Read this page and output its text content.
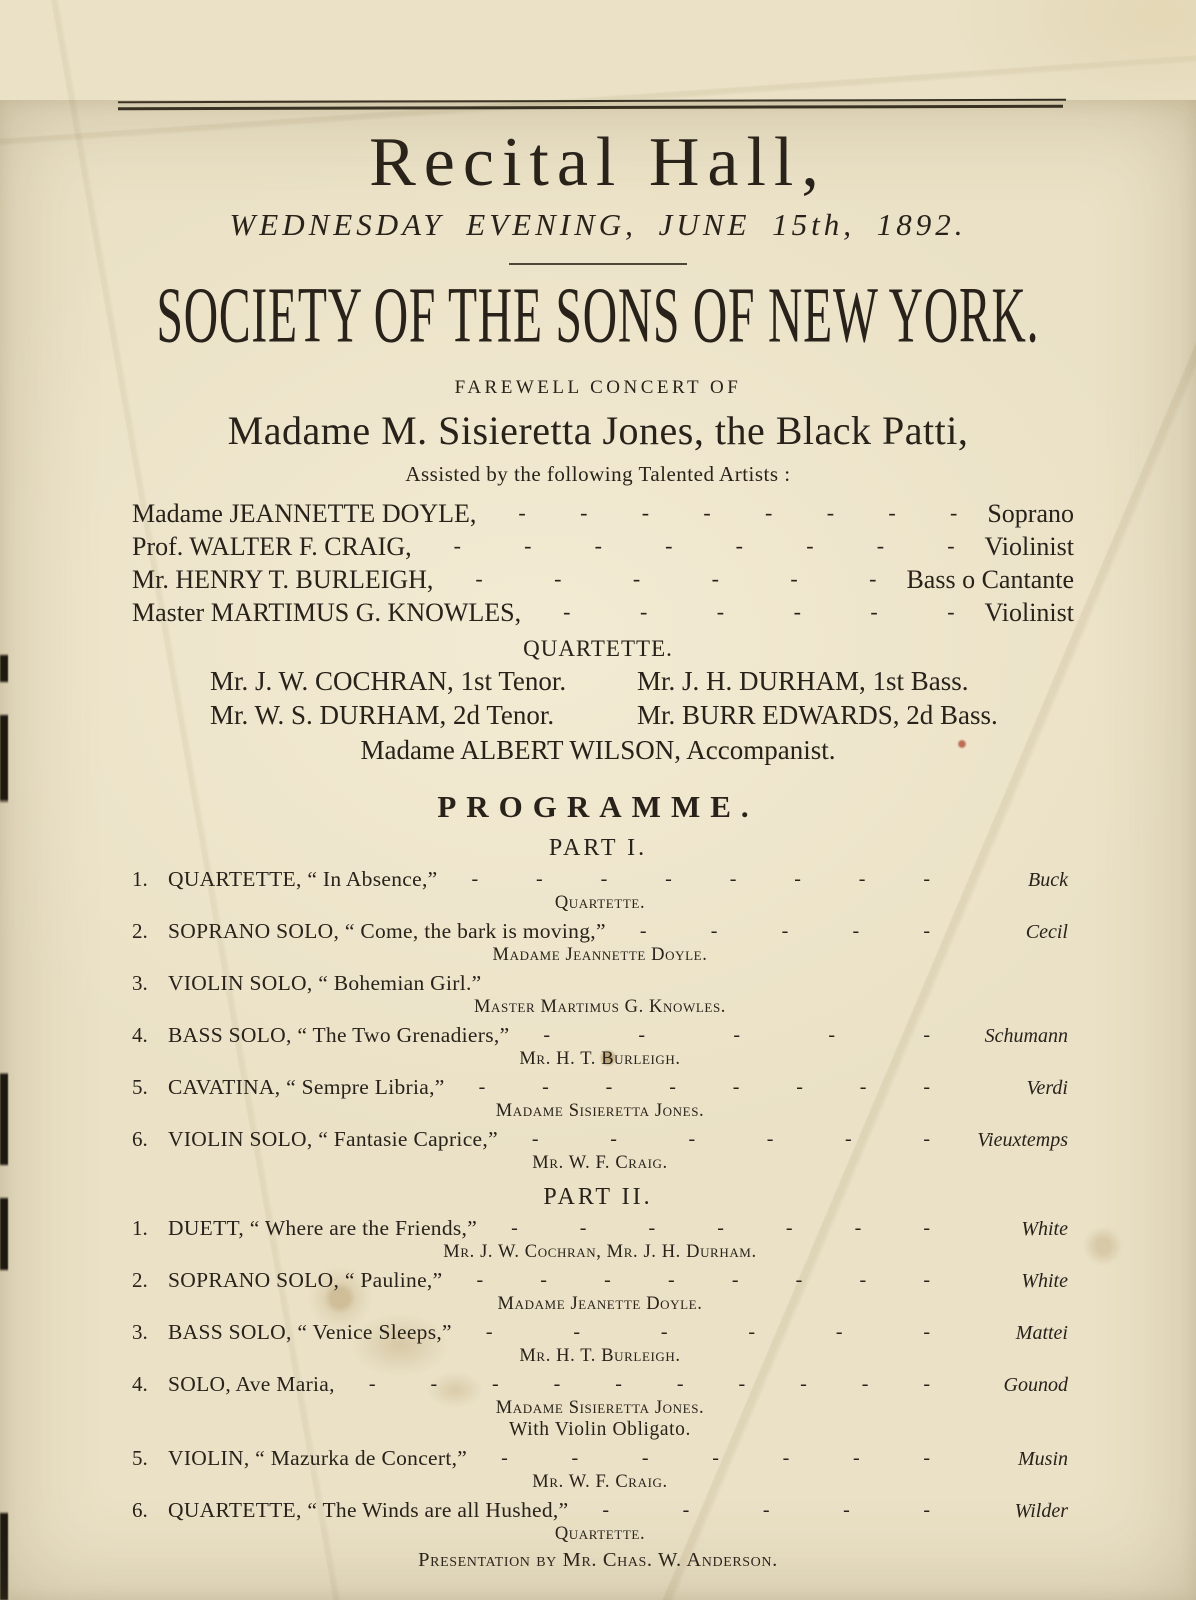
Recital Hall,
WEDNESDAY EVENING, JUNE 15th, 1892.
SOCIETY OF THE SONS OF NEW YORK.
FAREWELL CONCERT OF
Madame M. Sisieretta Jones, the Black Patti,
Assisted by the following Talented Artists :
Madame JEANNETTE DOYLE,	- - - - - - - -	Soprano
Prof. WALTER F. CRAIG,	- - - - - - - -	Violinist
Mr. HENRY T. BURLEIGH,	- - - - - -	Bass o Cantante
Master MARTIMUS G. KNOWLES,	- - - - - -	Violinist
QUARTETTE.
Mr. J. W. COCHRAN, 1st Tenor.	Mr. J. H. DURHAM, 1st Bass.
Mr. W. S. DURHAM, 2d Tenor.	Mr. BURR EDWARDS, 2d Bass.
Madame ALBERT WILSON, Accompanist.
PROGRAMME.
PART I.
1. QUARTETTE, “ In Absence,”	- - - - - - - -	Buck
Quartette.
2. SOPRANO SOLO, “ Come, the bark is moving,”	- - - - -	Cecil
Madame Jeannette Doyle.
3. VIOLIN SOLO, “ Bohemian Girl.”
Master Martimus G. Knowles.
4. BASS SOLO, “ The Two Grenadiers,”	- - - - -	Schumann
Mr. H. T. Burleigh.
5. CAVATINA, “ Sempre Libria,”	- - - - - - - -	Verdi
Madame Sisieretta Jones.
6. VIOLIN SOLO, “ Fantasie Caprice,”	- - - - - -	Vieuxtemps
Mr. W. F. Craig.
PART II.
1. DUETT, “ Where are the Friends,”	- - - - - - -	White
Mr. J. W. Cochran, Mr. J. H. Durham.
2. SOPRANO SOLO, “ Pauline,”	- - - - - - - -	White
Madame Jeanette Doyle.
3. BASS SOLO, “ Venice Sleeps,”	- - - - - -	Mattei
Mr. H. T. Burleigh.
4. SOLO, Ave Maria,	- - - - - - - - - -	Gounod
Madame Sisieretta Jones.
With Violin Obligato.
5. VIOLIN, “ Mazurka de Concert,”	- - - - - - -	Musin
Mr. W. F. Craig.
6. QUARTETTE, “ The Winds are all Hushed,”	- - - - -	Wilder
Quartette.
Presentation by Mr. Chas. W. Anderson.
